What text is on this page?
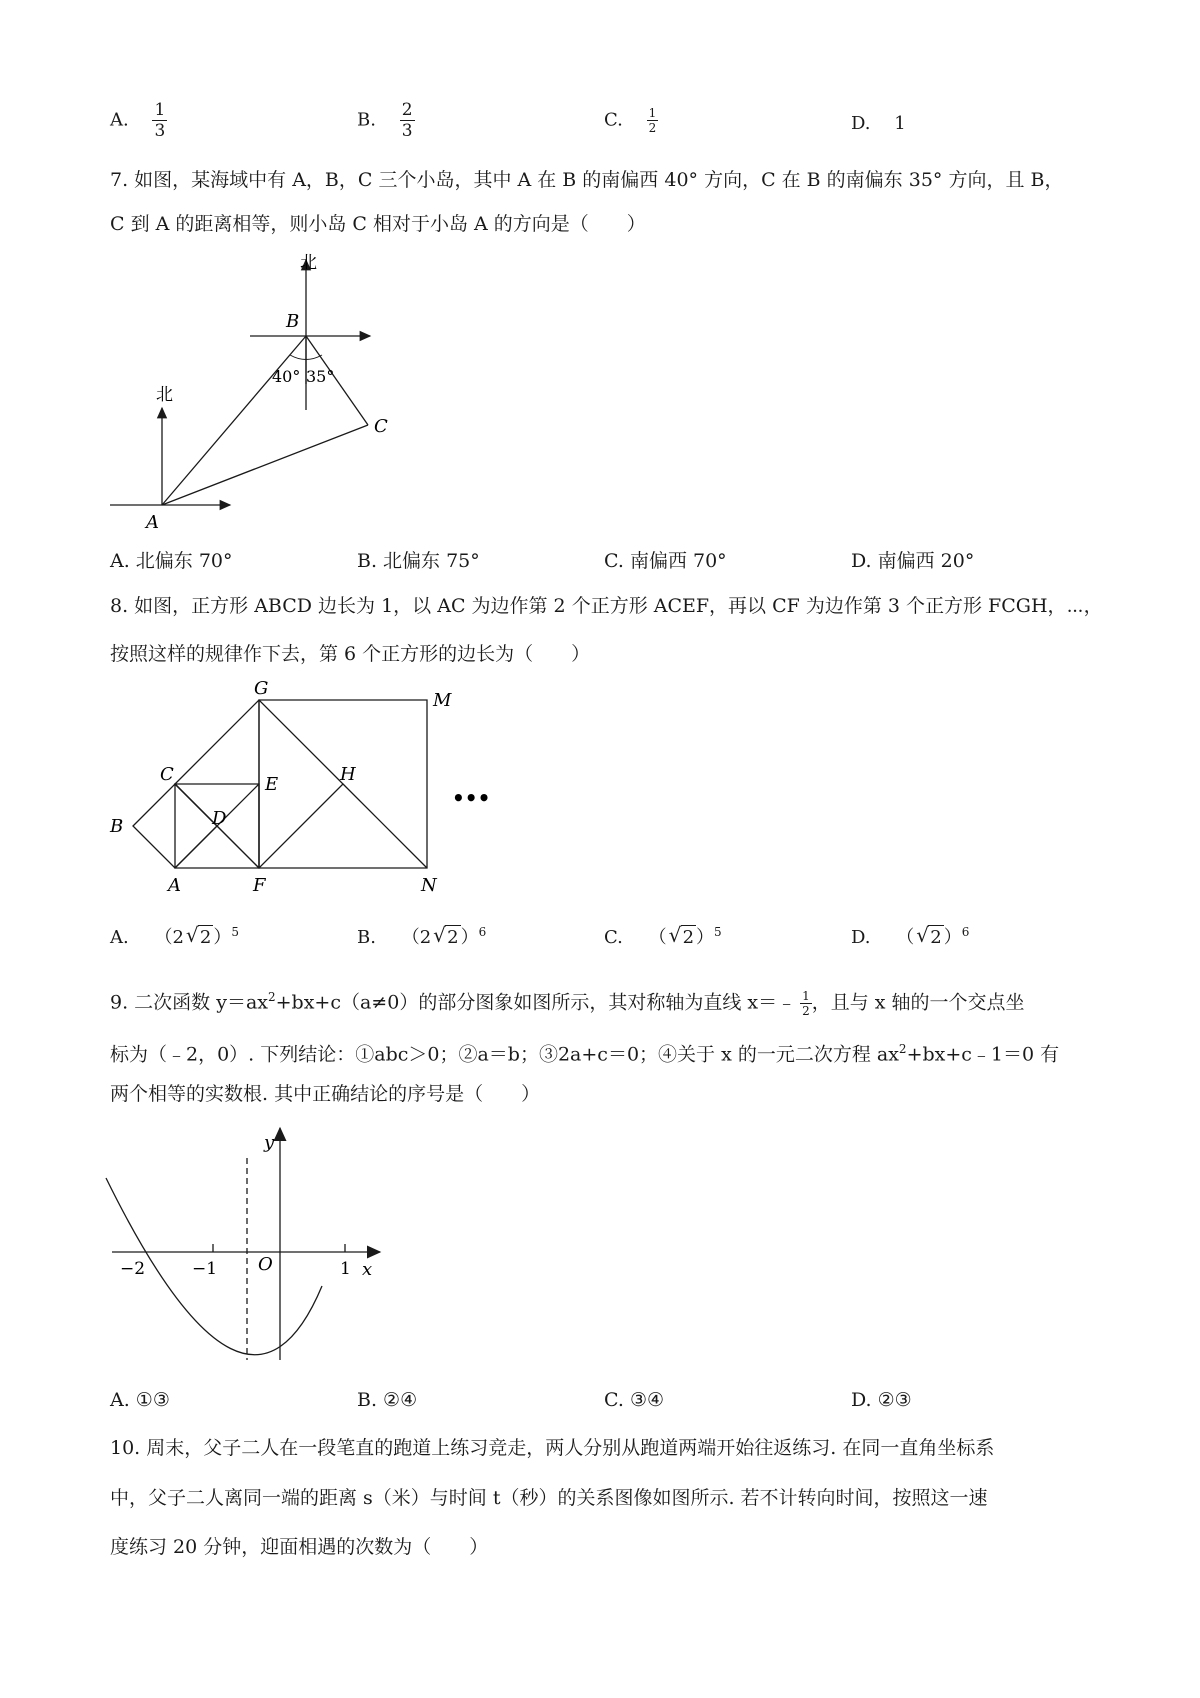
A. $\frac{1}{3}$	B. $\frac{2}{3}$	C. $\frac{1}{2}$	D. 1
7. 如图，某海域中有 A，B，C 三个小岛，其中 A 在 B 的南偏西 40° 方向，C 在 B 的南偏东 35° 方向，且 B，
C 到 A 的距离相等，则小岛 C 相对于小岛 A 的方向是（　　）
北
北
B
A
C
40° 35°
A. 北偏东 70°	B. 北偏东 75°	C. 南偏西 70°	D. 南偏西 20°
8. 如图，正方形 ABCD 边长为 1，以 AC 为边作第 2 个正方形 ACEF，再以 CF 为边作第 3 个正方形 FCGH，⋯，
按照这样的规律作下去，第 6 个正方形的边长为（　　）
G
M
C	E	H
B	D
A	F	N
•••
A. （2 √ 2 ）$^5$	B. （2 √ 2 ）$^6$	C. （ √ 2 ）$^5$	D. （ √ 2 ）$^6$
9. 二次函数 $y=ax^2+bx+c(a\ne 0)$的部分图象如图所示，其对称轴为直线 x＝﹣ $\frac{1}{2}$ ，且与 x 轴的一个交点坐
标为（﹣2，0）. 下列结论：①abc＞0；②a＝b；③2a+c＝0；④关于 x 的一元二次方程 $ax^2+bx+c﹣1=0$ 有
两个相等的实数根. 其中正确结论的序号是（　　）
y
x
O
−2	−1	1
A. ①③	B. ②④	C. ③④	D. ②③
10. 周末，父子二人在一段笔直的跑道上练习竞走，两人分别从跑道两端开始往返练习. 在同一直角坐标系
中，父子二人离同一端的距离 s（米）与时间 t（秒）的关系图像如图所示. 若不计转向时间，按照这一速
度练习 20 分钟，迎面相遇的次数为（　　）
